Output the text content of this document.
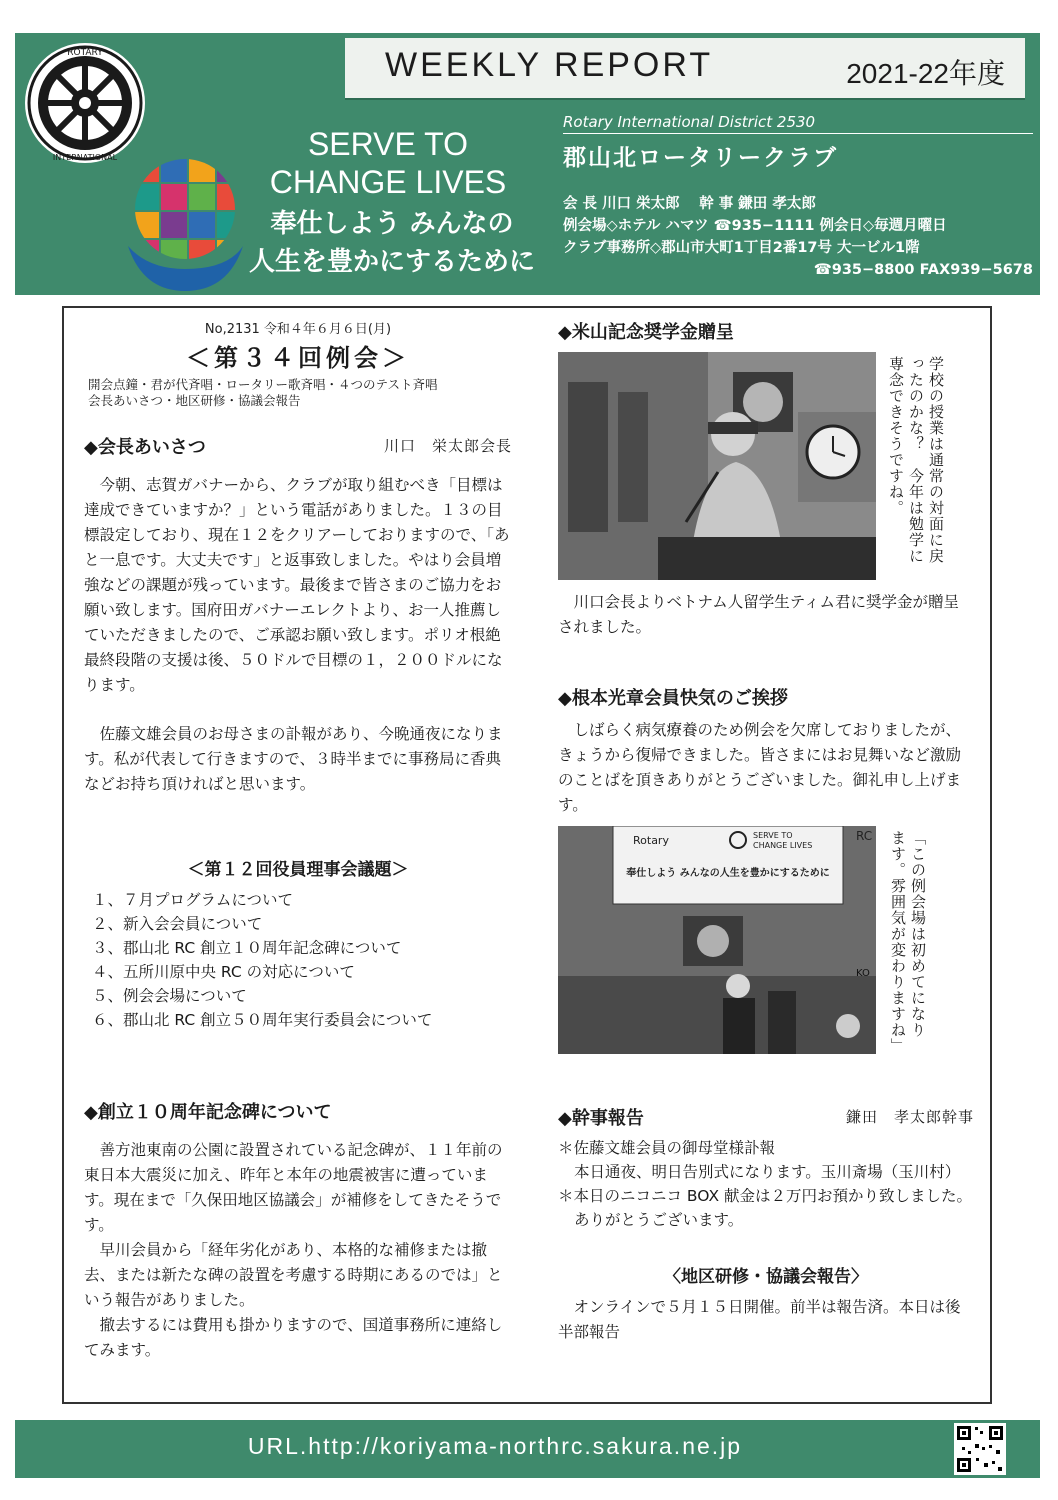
ROTARY
INTERNATIONAL
WEEKLY REPORT	2021-22年度
SERVE TO
CHANGE LIVES
奉仕しよう みんなの
人生を豊かにするために
Rotary International District 2530
郡山北ロータリークラブ
会 長 川口 栄太郎　 幹 事 鎌田 孝太郎
例会場◇ホテル ハマツ ☎935−1111 例会日◇毎週月曜日
クラブ事務所◇郡山市大町1丁目2番17号 大一ビル1階
☎935−8800 FAX939−5678
No,2131 令和４年６月６日(月)
＜第３４回例会＞
開会点鐘・君が代斉唱・ロータリー歌斉唱・４つのテスト斉唱
会長あいさつ・地区研修・協議会報告
◆会長あいさつ	川口　栄太郎会長

今朝、志賀ガバナーから、クラブが取り組むべき「目標は達成できていますか？」という電話がありました。１３の目標設定しており、現在１２をクリアーしておりますので、「あと一息です。大丈夫です」と返事致しました。やはり会員増強などの課題が残っています。最後まで皆さまのご協力をお願い致します。国府田ガバナーエレクトより、お一人推薦していただきましたので、ご承認お願い致します。ポリオ根絶最終段階の支援は後、５０ドルで目標の１，２００ドルになります。

佐藤文雄会員のお母さまの訃報があり、今晩通夜になります。私が代表して行きますので、３時半までに事務局に香典などお持ち頂ければと思います。

＜第１２回役員理事会議題＞
１、７月プログラムについて
２、新入会会員について
３、郡山北 RC 創立１０周年記念碑について
４、五所川原中央 RC の対応について
５、例会会場について
６、郡山北 RC 創立５０周年実行委員会について
◆創立１０周年記念碑について

善方池東南の公園に設置されている記念碑が、１１年前の東日本大震災に加え、昨年と本年の地震被害に遭っています。現在まで「久保田地区協議会」が補修をしてきたそうです。

早川会員から「経年劣化があり、本格的な補修または撤去、または新たな碑の設置を考慮する時期にあるのでは」という報告がありました。

撤去するには費用も掛かりますので、国道事務所に連絡してみます。

◆米山記念奨学金贈呈
学校の授業は通常の対面に戻ったのかな？　今年は勉学に専念できそうですね。

川口会長よりベトナム人留学生ティム君に奨学金が贈呈されました。

◆根本光章会員快気のご挨拶

しばらく病気療養のため例会を欠席しておりましたが、きょうから復帰できました。皆さまにはお見舞いなど激励のことばを頂きありがとうございました。御礼申し上げます。

Rotary	SERVE TO
CHANGE LIVES
奉仕しよう みんなの人生を豊かにするために
RC
KO	「この例会場は初めてになります。雰囲気が変わりますね」
◆幹事報告	鎌田　孝太郎幹事
＊佐藤文雄会員の御母堂様訃報
本日通夜、明日告別式になります。玉川斎場（玉川村）
＊本日のニコニコ BOX 献金は２万円お預かり致しました。ありがとうございます。
〈地区研修・協議会報告〉

オンラインで５月１５日開催。前半は報告済。本日は後半部報告

URL.http://koriyama-northrc.sakura.ne.jp
